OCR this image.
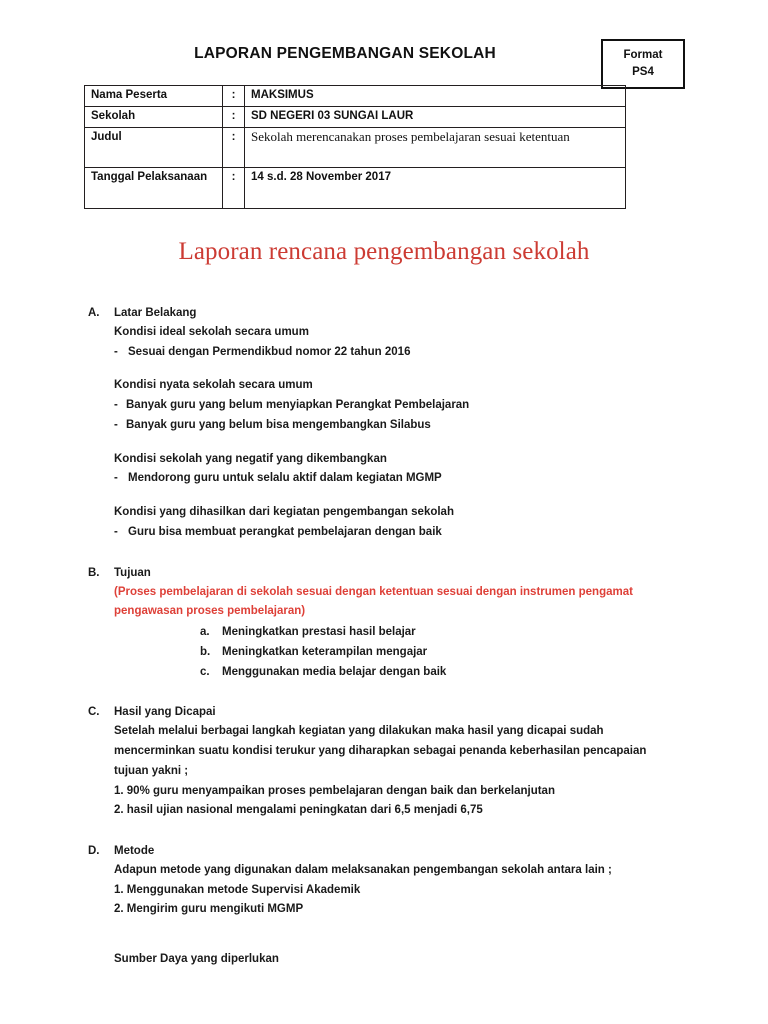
LAPORAN PENGEMBANGAN SEKOLAH	Format
PS4
Nama Peserta	:	MAKSIMUS
Sekolah	:	SD NEGERI 03 SUNGAI LAUR
Judul	:	Sekolah merencanakan proses pembelajaran sesuai ketentuan
Tanggal Pelaksanaan	:	14 s.d. 28 November 2017
Laporan rencana pengembangan sekolah
A.	Latar Belakang
Kondisi ideal sekolah secara umum
- Sesuai dengan Permendikbud nomor 22 tahun 2016
Kondisi nyata sekolah secara umum
- Banyak guru yang belum menyiapkan Perangkat Pembelajaran
- Banyak guru yang belum bisa mengembangkan Silabus
Kondisi sekolah yang negatif yang dikembangkan
- Mendorong guru untuk selalu aktif dalam kegiatan MGMP
Kondisi yang dihasilkan dari kegiatan pengembangan sekolah
- Guru bisa membuat perangkat pembelajaran dengan baik
B.	Tujuan
(Proses pembelajaran di sekolah sesuai dengan ketentuan sesuai dengan instrumen pengamat pengawasan proses pembelajaran)
a.	Meningkatkan prestasi hasil belajar
b.	Meningkatkan keterampilan mengajar
c.	Menggunakan media belajar dengan baik
C.	Hasil yang Dicapai
Setelah melalui berbagai langkah kegiatan yang dilakukan maka hasil yang dicapai sudah mencerminkan suatu kondisi terukur yang diharapkan sebagai penanda keberhasilan pencapaian tujuan yakni ;
1. 90% guru menyampaikan proses pembelajaran dengan baik dan berkelanjutan
2. hasil ujian nasional mengalami peningkatan dari 6,5 menjadi 6,75
D.	Metode
Adapun metode yang digunakan dalam melaksanakan pengembangan sekolah antara lain ;
1. Menggunakan metode Supervisi Akademik
2. Mengirim guru mengikuti MGMP
Sumber Daya yang diperlukan
